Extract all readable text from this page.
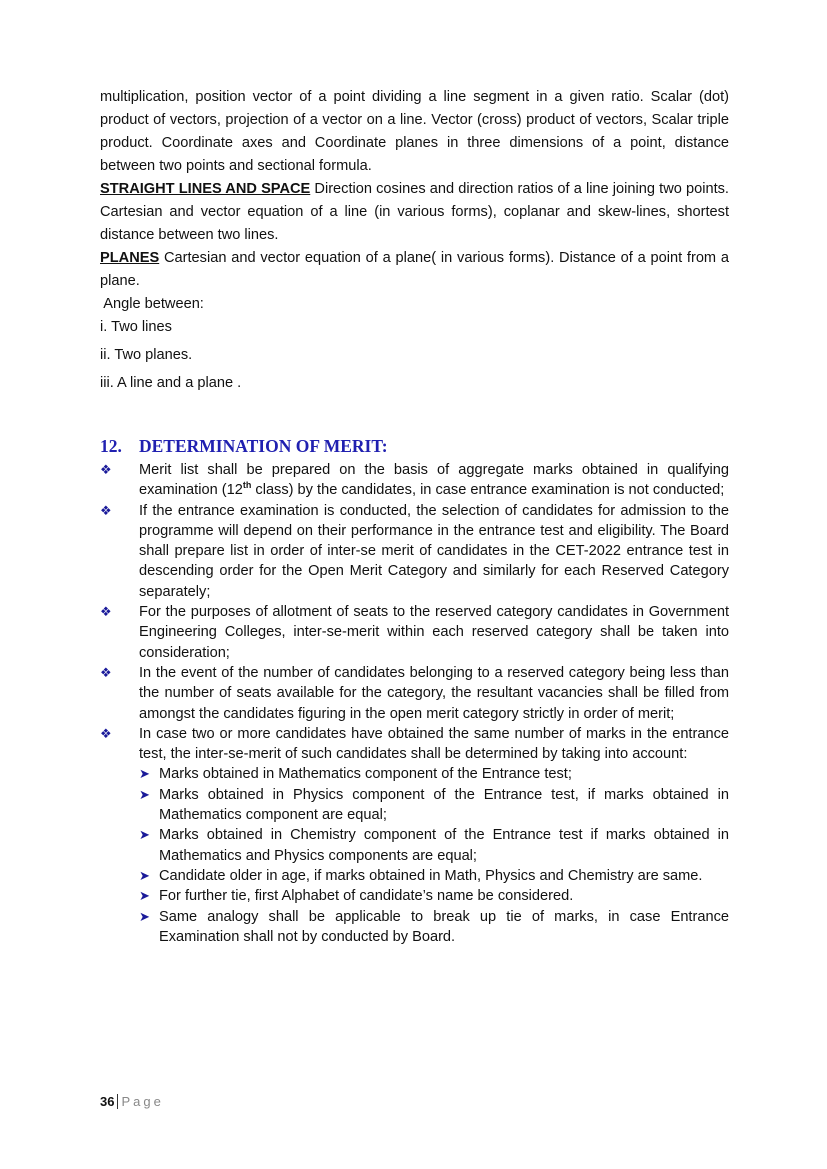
multiplication, position vector of a point dividing a line segment in a given ratio. Scalar (dot) product of vectors, projection of a vector on a line. Vector (cross) product of vectors, Scalar triple product. Coordinate axes and Coordinate planes in three dimensions of a point, distance between two points and sectional formula.

STRAIGHT LINES AND SPACE Direction cosines and direction ratios of a line joining two points. Cartesian and vector equation of a line (in various forms), coplanar and skew-lines, shortest distance between two lines.

PLANES Cartesian and vector equation of a plane( in various forms). Distance of a point from a plane.

Angle between:

i. Two lines

ii. Two planes.

iii. A line and a plane .

12. DETERMINATION OF MERIT:
❖	Merit list shall be prepared on the basis of aggregate marks obtained in qualifying examination (12th class) by the candidates, in case entrance examination is not conducted;
❖	If the entrance examination is conducted, the selection of candidates for admission to the programme will depend on their performance in the entrance test and eligibility. The Board shall prepare list in order of inter-se merit of candidates in the CET-2022 entrance test in descending order for the Open Merit Category and similarly for each Reserved Category separately;
❖	For the purposes of allotment of seats to the reserved category candidates in Government Engineering Colleges, inter-se-merit within each reserved category shall be taken into consideration;
❖	In the event of the number of candidates belonging to a reserved category being less than the number of seats available for the category, the resultant vacancies shall be filled from amongst the candidates figuring in the open merit category strictly in order of merit;
❖	In case two or more candidates have obtained the same number of marks in the entrance test, the inter-se-merit of such candidates shall be determined by taking into account:
➤ Marks obtained in Mathematics component of the Entrance test;
➤ Marks obtained in Physics component of the Entrance test, if marks obtained in Mathematics component are equal;
➤ Marks obtained in Chemistry component of the Entrance test if marks obtained in Mathematics and Physics components are equal;
➤ Candidate older in age, if marks obtained in Math, Physics and Chemistry are same.
➤ For further tie, first Alphabet of candidate’s name be considered.
➤ Same analogy shall be applicable to break up tie of marks, in case Entrance Examination shall not by conducted by Board.
36 Page
